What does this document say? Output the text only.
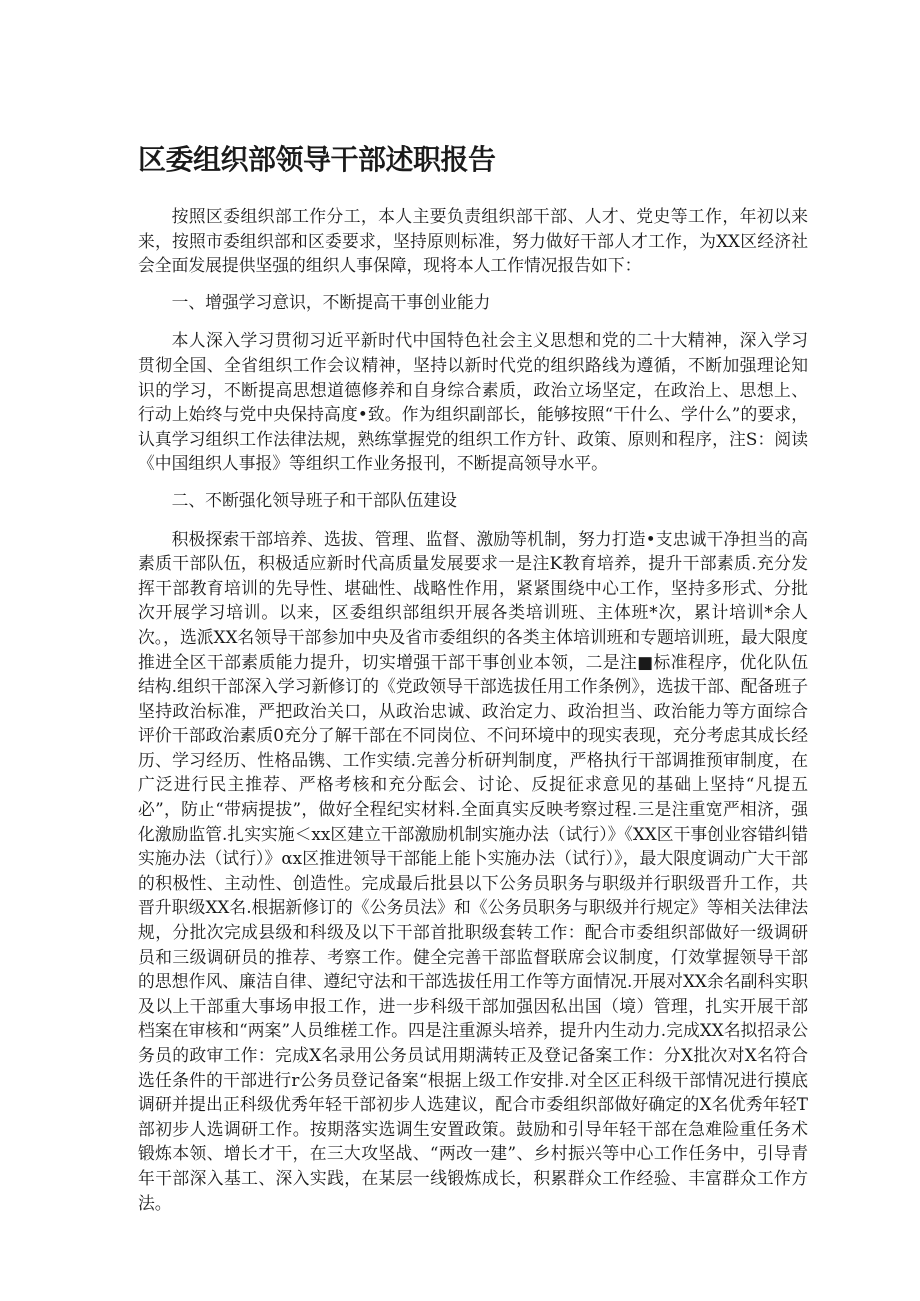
区委组织部领导干部述职报告

按照区委组织部工作分工，本人主要负责组织部干部、人才、党史等工作，年初以来来，按照市委组织部和区委要求，坚持原则标准，努力做好干部人才工作，为XX区经济社会全面发展提供坚强的组织人事保障，现将本人工作情况报告如下：

一、增强学习意识，不断提高干事创业能力

本人深入学习贯彻习近平新时代中国特色社会主义思想和党的二十大精神，深入学习贯彻全国、全省组织工作会议精神，坚持以新时代党的组织路线为遵循，不断加强理论知识的学习，不断提高思想道德修养和自身综合素质，政治立场坚定，在政治上、思想上、行动上始终与党中央保持高度•致。作为组织副部长，能够按照“干什么、学什么”的要求，认真学习组织工作法律法规，熟练掌握党的组织工作方针、政策、原则和程序，注S：阅读《中国组织人事报》等组织工作业务报刊，不断提高领导水平。

二、不断强化领导班子和干部队伍建设

积极探索干部培养、选拔、管理、监督、激励等机制，努力打造•支忠诚干净担当的高素质干部队伍，积极适应新时代高质量发展要求一是注K教育培养，提升干部素质.充分发挥干部教育培训的先导性、堪础性、战略性作用，紧紧围绕中心工作，坚持多形式、分批次开展学习培训。以来，区委组织部组织开展各类培训班、主体班*次，累计培训*余人次。，选派XX名领导干部参加中央及省市委组织的各类主体培训班和专题培训班，最大限度推进全区干部素质能力提升，切实增强干部干事创业本领，二是注■标准程序，优化队伍结构.组织干部深入学习新修订的《党政领导干部选拔任用工作条例》，选拔干部、配备班子坚持政治标准，严把政治关口，从政治忠诚、政治定力、政治担当、政治能力等方面综合评价干部政治素质0充分了解干部在不同岗位、不问环境中的现实表现，充分考虑其成长经历、学习经历、性格品镌、工作实绩.完善分析研判制度，严格执行干部调推预审制度，在广泛进行民主推荐、严格考核和充分酝会、讨论、反捉征求意见的基础上坚持“凡提五必”，防止“带病提拔”，做好全程纪实材料.全面真实反映考察过程.三是注重宽严相济，强化激励监管.扎实实施＜xx区建立干部激励机制实施办法（试行）》《XX区干事创业容错纠错实施办法（试行）》αx区推进领导干部能上能卜实施办法（试行）》，最大限度调动广大干部的积极性、主动性、创造性。完成最后批县以下公务员职务与职级并行职级晋升工作，共晋升职级XX名.根据新修订的《公务员法》和《公务员职务与职级并行规定》等相关法律法规，分批次完成县级和科级及以下干部首批职级套转工作：配合市委组织部做好一级调研员和三级调研员的推荐、考察工作。健全完善干部监督联席会议制度，仃效掌握领导干部的思想作风、廉洁自律、遵纪守法和干部选拔任用工作等方面情况.开展对XX余名副科实职及以上干部重大事场申报工作，进一步科级干部加强因私出国（境）管理，扎实开展干部档案在审核和“两案”人员维槎工作。四是注重源头培养，提升内生动力.完成XX名拟招录公务员的政审工作：完成X名录用公务员试用期满转正及登记备案工作：分X批次对X名符合选任条件的干部进行r公务员登记备案“根据上级工作安排.对全区正科级干部情况进行摸底调研并提出正科级优秀年轻干部初步人选建议，配合市委组织部做好确定的X名优秀年轻T部初步人选调研工作。按期落实选调生安置政策。鼓励和引导年轻干部在急难险重任务术锻炼本领、增长才干，在三大攻坚战、“两改一建”、乡村振兴等中心工作任务中，引导青年干部深入基工、深入实践，在某层一线锻炼成长，积累群众工作经验、丰富群众工作方法。
